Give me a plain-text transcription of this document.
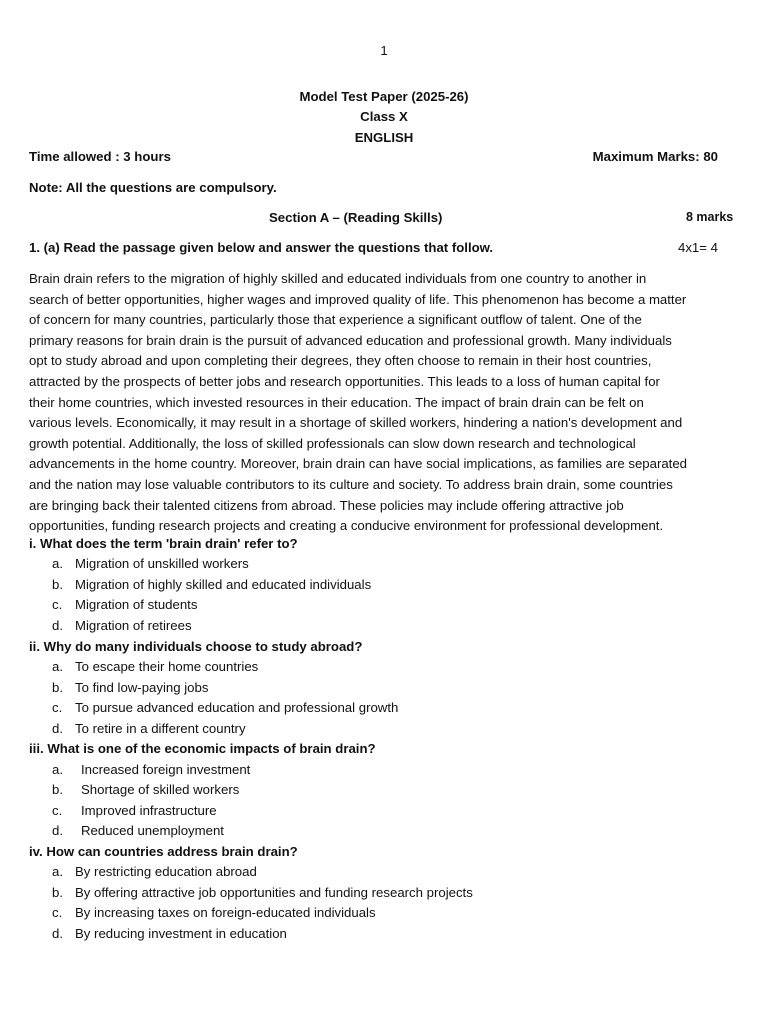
1
Model Test Paper (2025-26)
Class X
ENGLISH
Time allowed : 3 hours	Maximum Marks: 80
Note: All the questions are compulsory.
Section A – (Reading Skills)	8 marks
1. (a) Read the passage given below and answer the questions that follow.	4x1= 4
Brain drain refers to the migration of highly skilled and educated individuals from one country to another in
search of better opportunities, higher wages and improved quality of life. This phenomenon has become a matter
of concern for many countries, particularly those that experience a significant outflow of talent. One of the
primary reasons for brain drain is the pursuit of advanced education and professional growth. Many individuals
opt to study abroad and upon completing their degrees, they often choose to remain in their host countries,
attracted by the prospects of better jobs and research opportunities. This leads to a loss of human capital for
their home countries, which invested resources in their education. The impact of brain drain can be felt on
various levels. Economically, it may result in a shortage of skilled workers, hindering a nation's development and
growth potential. Additionally, the loss of skilled professionals can slow down research and technological
advancements in the home country. Moreover, brain drain can have social implications, as families are separated
and the nation may lose valuable contributors to its culture and society. To address brain drain, some countries
are bringing back their talented citizens from abroad. These policies may include offering attractive job
opportunities, funding research projects and creating a conducive environment for professional development.
i. What does the term 'brain drain' refer to?
a. Migration of unskilled workers
b. Migration of highly skilled and educated individuals
c. Migration of students
d. Migration of retirees
ii. Why do many individuals choose to study abroad?
a. To escape their home countries
b. To find low-paying jobs
c. To pursue advanced education and professional growth
d. To retire in a different country
iii. What is one of the economic impacts of brain drain?
a. Increased foreign investment
b. Shortage of skilled workers
c. Improved infrastructure
d. Reduced unemployment
iv. How can countries address brain drain?
a. By restricting education abroad
b. By offering attractive job opportunities and funding research projects
c. By increasing taxes on foreign-educated individuals
d. By reducing investment in education
